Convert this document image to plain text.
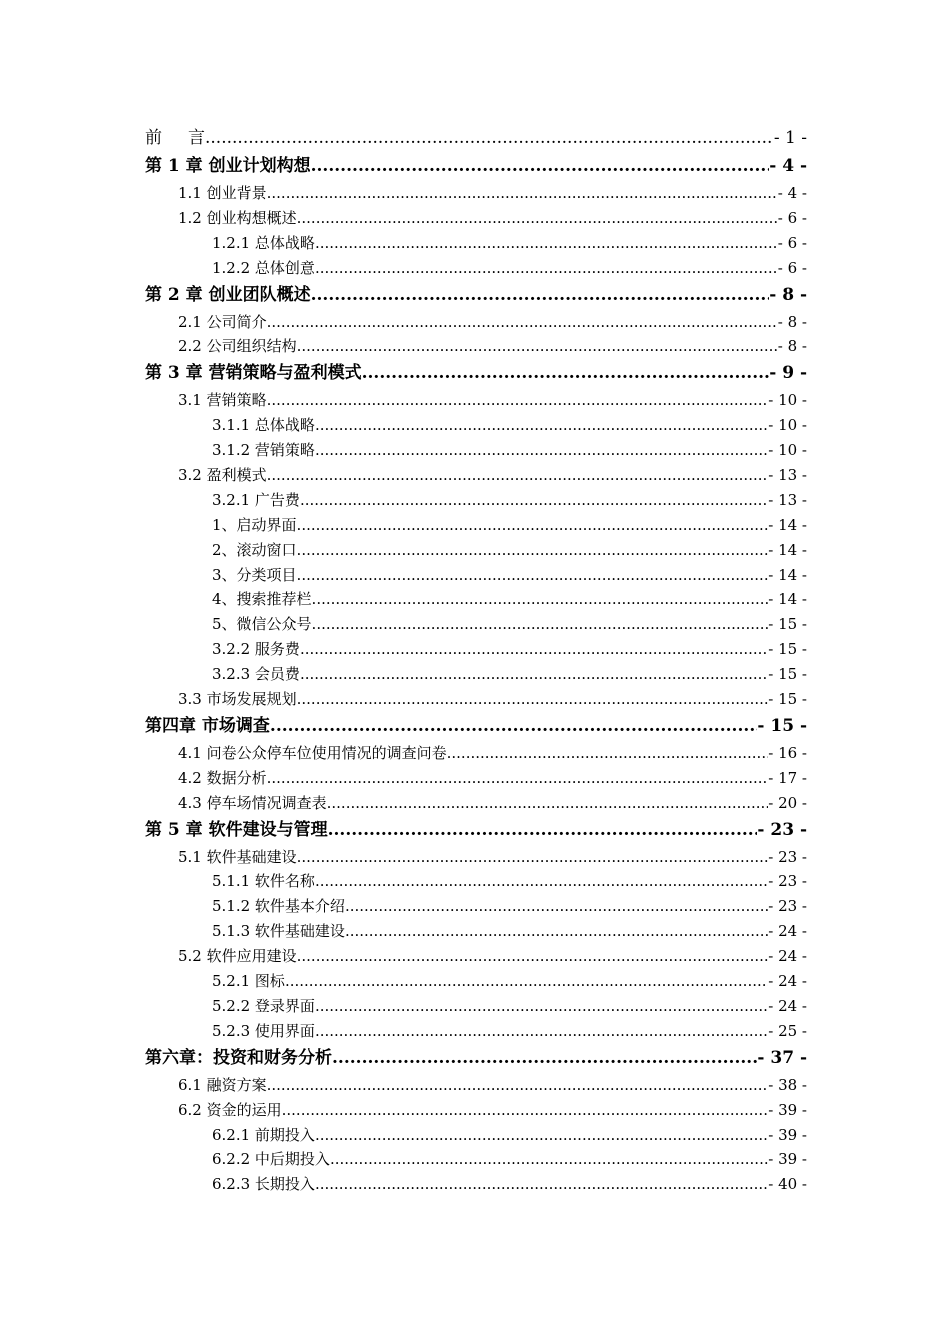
前 言 .....	- 1 -
第 1 章 创业计划构想 .....	- 4 -
1.1 创业背景 .....	- 4 -
1.2 创业构想概述 .....	- 6 -
1.2.1 总体战略 .....	- 6 -
1.2.2 总体创意 .....	- 6 -
第 2 章 创业团队概述 .....	- 8 -
2.1 公司简介 .....	- 8 -
2.2 公司组织结构 .....	- 8 -
第 3 章 营销策略与盈利模式 .....	- 9 -
3.1 营销策略 .....	- 10 -
3.1.1 总体战略 .....	- 10 -
3.1.2 营销策略 .....	- 10 -
3.2 盈利模式 .....	- 13 -
3.2.1 广告费 .....	- 13 -
1、启动界面 .....	- 14 -
2、滚动窗口 .....	- 14 -
3、分类项目 .....	- 14 -
4、搜索推荐栏 .....	- 14 -
5、微信公众号 .....	- 15 -
3.2.2 服务费 .....	- 15 -
3.2.3 会员费 .....	- 15 -
3.3 市场发展规划 .....	- 15 -
第四章 市场调查 .....	- 15 -
4.1 问卷公众停车位使用情况的调查问卷 .....	- 16 -
4.2 数据分析 .....	- 17 -
4.3 停车场情况调查表 .....	- 20 -
第 5 章 软件建设与管理 .....	- 23 -
5.1 软件基础建设 .....	- 23 -
5.1.1 软件名称 .....	- 23 -
5.1.2 软件基本介绍 .....	- 23 -
5.1.3 软件基础建设 .....	- 24 -
5.2 软件应用建设 .....	- 24 -
5.2.1 图标 .....	- 24 -
5.2.2 登录界面 .....	- 24 -
5.2.3 使用界面 .....	- 25 -
第六章：投资和财务分析 .....	- 37 -
6.1 融资方案 .....	- 38 -
6.2 资金的运用 .....	- 39 -
6.2.1 前期投入 .....	- 39 -
6.2.2 中后期投入 .....	- 39 -
6.2.3 长期投入 .....	- 40 -
